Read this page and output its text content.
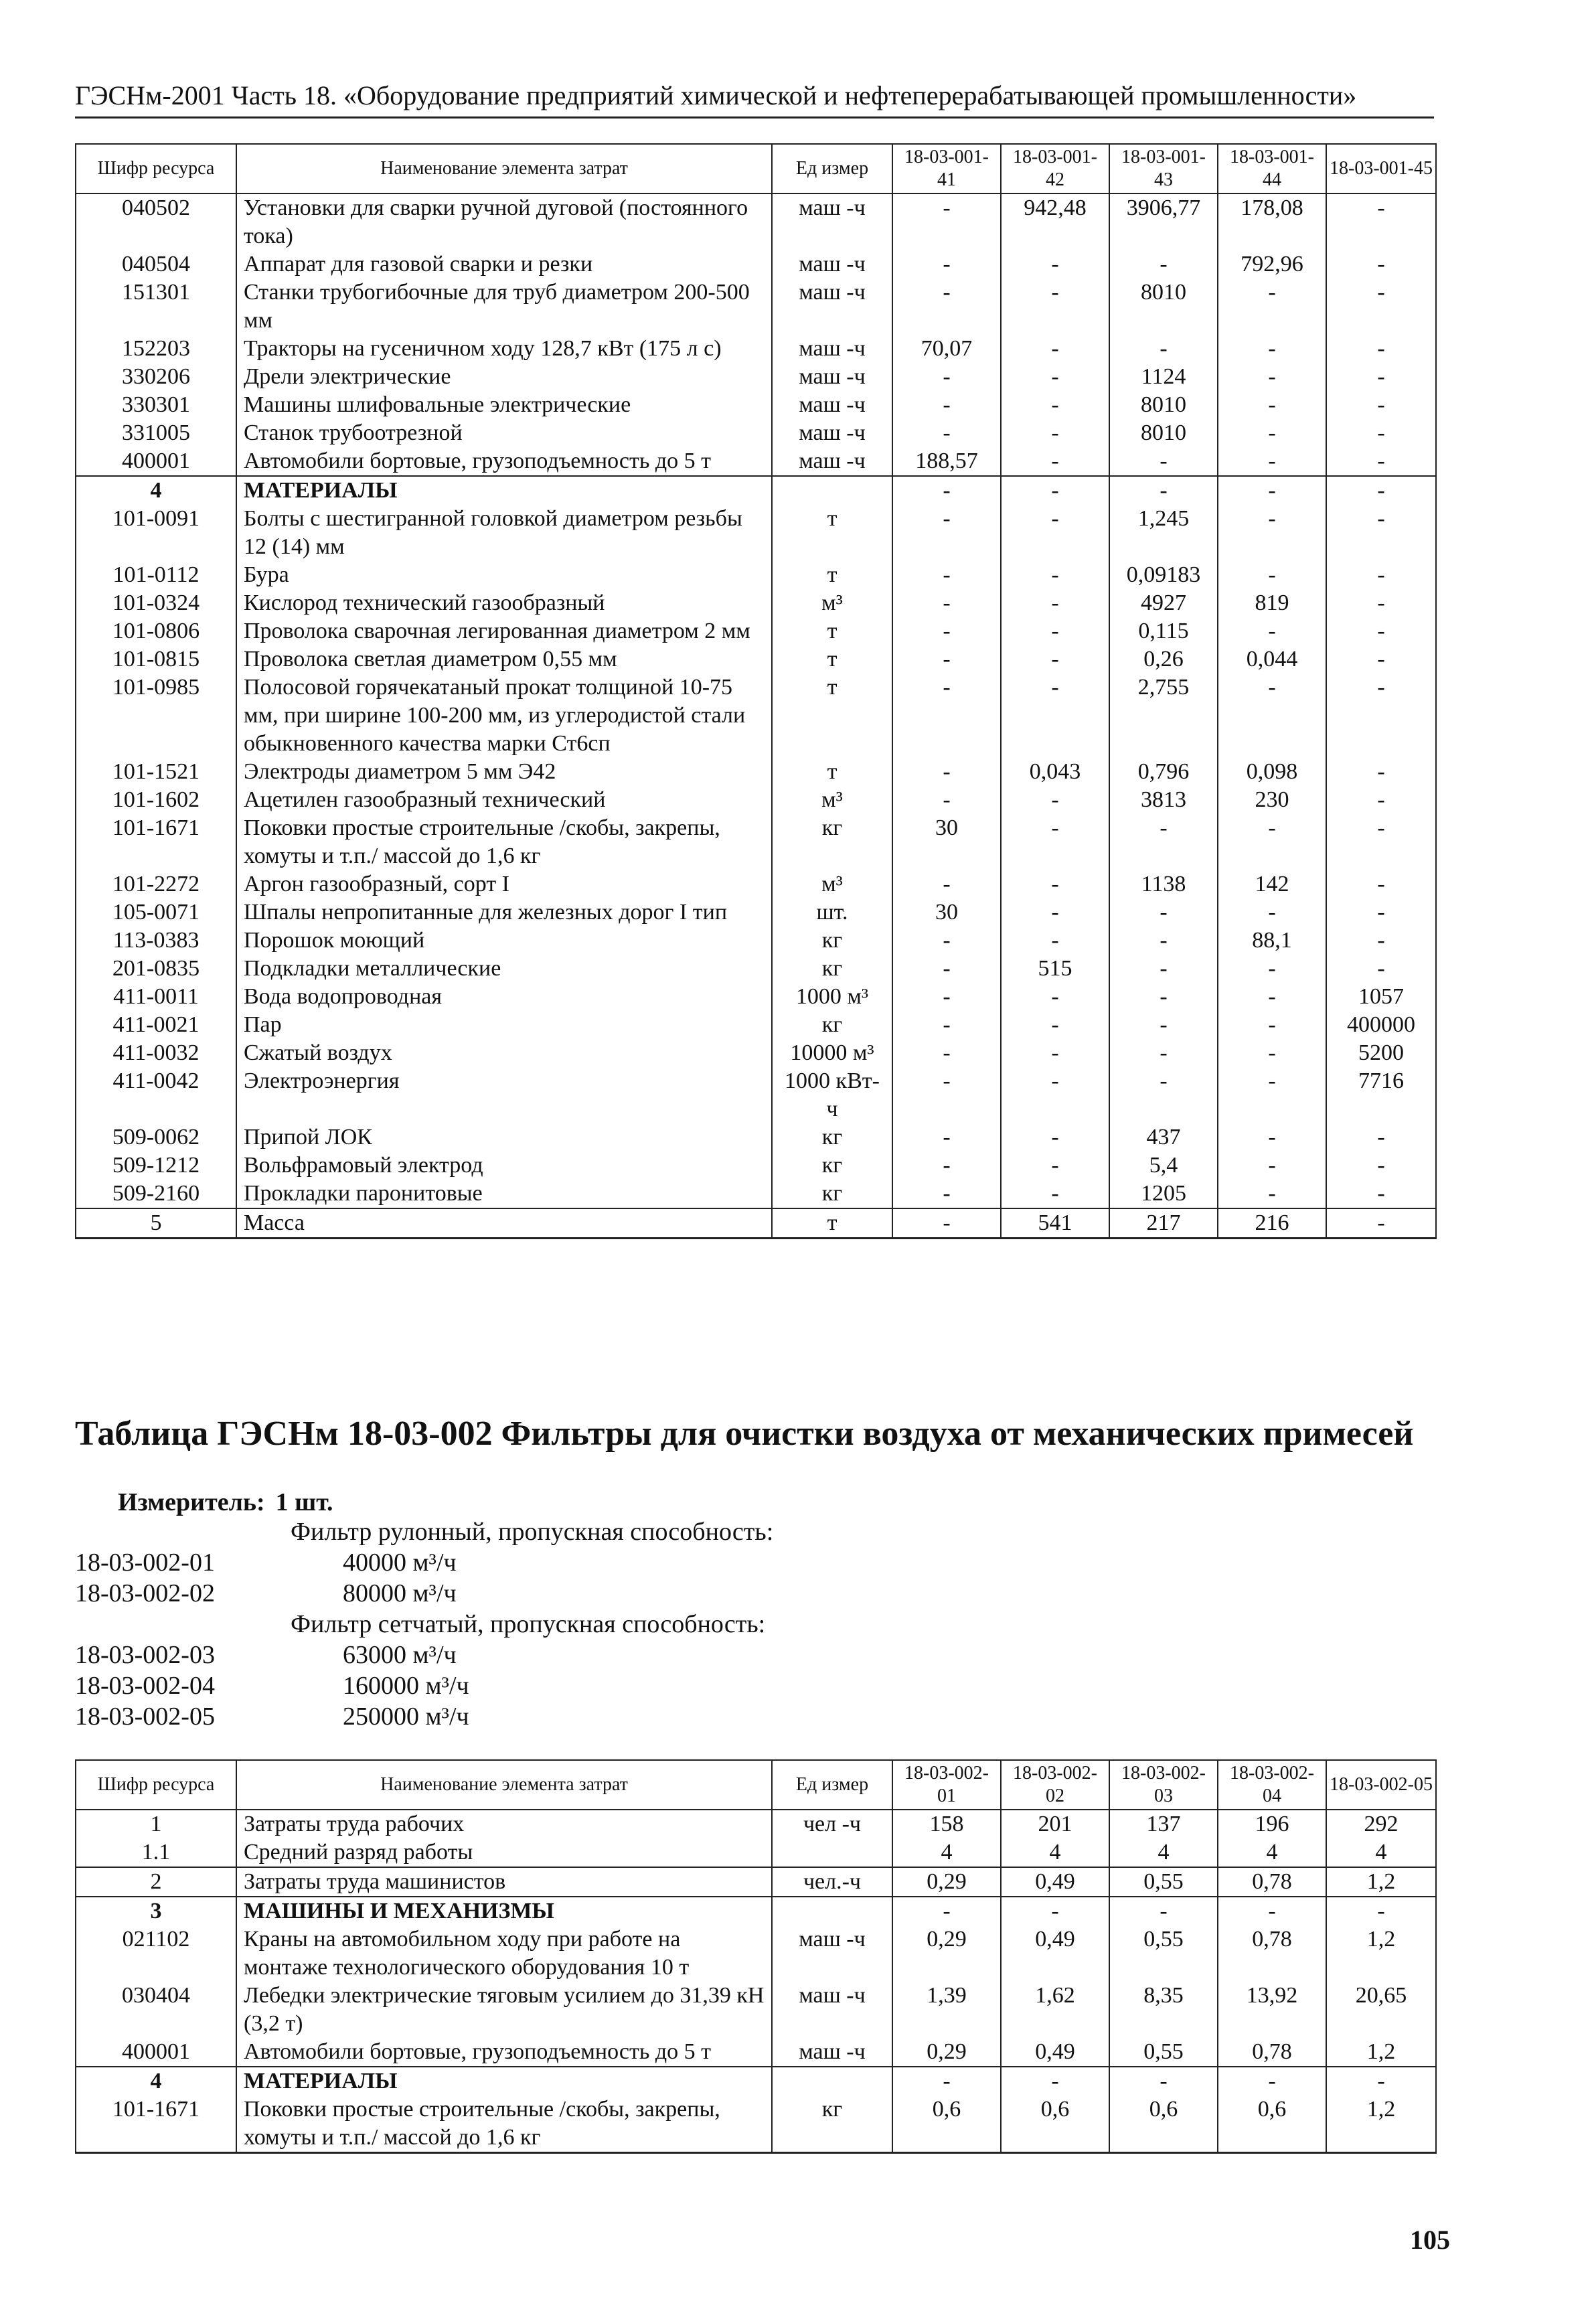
ГЭСНм-2001 Часть 18. «Оборудование предприятий химической и нефтеперерабатывающей промышленности»
Шифр ресурса	Наименование элемента затрат	Ед измер	18-03-001-41	18-03-001-42	18-03-001-43	18-03-001-44	18-03-001-45
040502	Установки для сварки ручной дуговой (постоянного тока)	маш -ч	-	942,48	3906,77	178,08	-
040504	Аппарат для газовой сварки и резки	маш -ч	-	-	-	792,96	-
151301	Станки трубогибочные для труб диаметром 200-500 мм	маш -ч	-	-	8010	-	-
152203	Тракторы на гусеничном ходу 128,7 кВт (175 л с)	маш -ч	70,07	-	-	-	-
330206	Дрели электрические	маш -ч	-	-	1124	-	-
330301	Машины шлифовальные электрические	маш -ч	-	-	8010	-	-
331005	Станок трубоотрезной	маш -ч	-	-	8010	-	-
400001	Автомобили бортовые, грузоподъемность до 5 т	маш -ч	188,57	-	-	-	-
4	МАТЕРИАЛЫ		-	-	-	-	-
101-0091	Болты с шестигранной головкой диаметром резьбы 12 (14) мм	т	-	-	1,245	-	-
101-0112	Бура	т	-	-	0,09183	-	-
101-0324	Кислород технический газообразный	м³	-	-	4927	819	-
101-0806	Проволока сварочная легированная диаметром 2 мм	т	-	-	0,115	-	-
101-0815	Проволока светлая диаметром 0,55 мм	т	-	-	0,26	0,044	-
101-0985	Полосовой горячекатаный прокат толщиной 10-75 мм, при ширине 100-200 мм, из углеродистой стали обыкновенного качества марки Ст6сп	т	-	-	2,755	-	-
101-1521	Электроды диаметром 5 мм Э42	т	-	0,043	0,796	0,098	-
101-1602	Ацетилен газообразный технический	м³	-	-	3813	230	-
101-1671	Поковки простые строительные /скобы, закрепы, хомуты и т.п./ массой до 1,6 кг	кг	30	-	-	-	-
101-2272	Аргон газообразный, сорт I	м³	-	-	1138	142	-
105-0071	Шпалы непропитанные для железных дорог I тип	шт.	30	-	-	-	-
113-0383	Порошок моющий	кг	-	-	-	88,1	-
201-0835	Подкладки металлические	кг	-	515	-	-	-
411-0011	Вода водопроводная	1000 м³	-	-	-	-	1057
411-0021	Пар	кг	-	-	-	-	400000
411-0032	Сжатый воздух	10000 м³	-	-	-	-	5200
411-0042	Электроэнергия	1000 кВт-ч	-	-	-	-	7716
509-0062	Припой ЛОК	кг	-	-	437	-	-
509-1212	Вольфрамовый электрод	кг	-	-	5,4	-	-
509-2160	Прокладки паронитовые	кг	-	-	1205	-	-
5	Масса	т	-	541	217	216	-
Таблица ГЭСНм 18-03-002 Фильтры для очистки воздуха от механических примесей
Измеритель: 1 шт.
Фильтр рулонный, пропускная способность:
18-03-002-01	40000 м³/ч
18-03-002-02	80000 м³/ч
Фильтр сетчатый, пропускная способность:
18-03-002-03	63000 м³/ч
18-03-002-04	160000 м³/ч
18-03-002-05	250000 м³/ч
Шифр ресурса	Наименование элемента затрат	Ед измер	18-03-002-01	18-03-002-02	18-03-002-03	18-03-002-04	18-03-002-05
1	Затраты труда рабочих	чел -ч	158	201	137	196	292
1.1	Средний разряд работы		4	4	4	4	4
2	Затраты труда машинистов	чел.-ч	0,29	0,49	0,55	0,78	1,2
3	МАШИНЫ И МЕХАНИЗМЫ		-	-	-	-	-
021102	Краны на автомобильном ходу при работе на монтаже технологического оборудования 10 т	маш -ч	0,29	0,49	0,55	0,78	1,2
030404	Лебедки электрические тяговым усилием до 31,39 кН (3,2 т)	маш -ч	1,39	1,62	8,35	13,92	20,65
400001	Автомобили бортовые, грузоподъемность до 5 т	маш -ч	0,29	0,49	0,55	0,78	1,2
4	МАТЕРИАЛЫ		-	-	-	-	-
101-1671	Поковки простые строительные /скобы, закрепы, хомуты и т.п./ массой до 1,6 кг	кг	0,6	0,6	0,6	0,6	1,2
105
